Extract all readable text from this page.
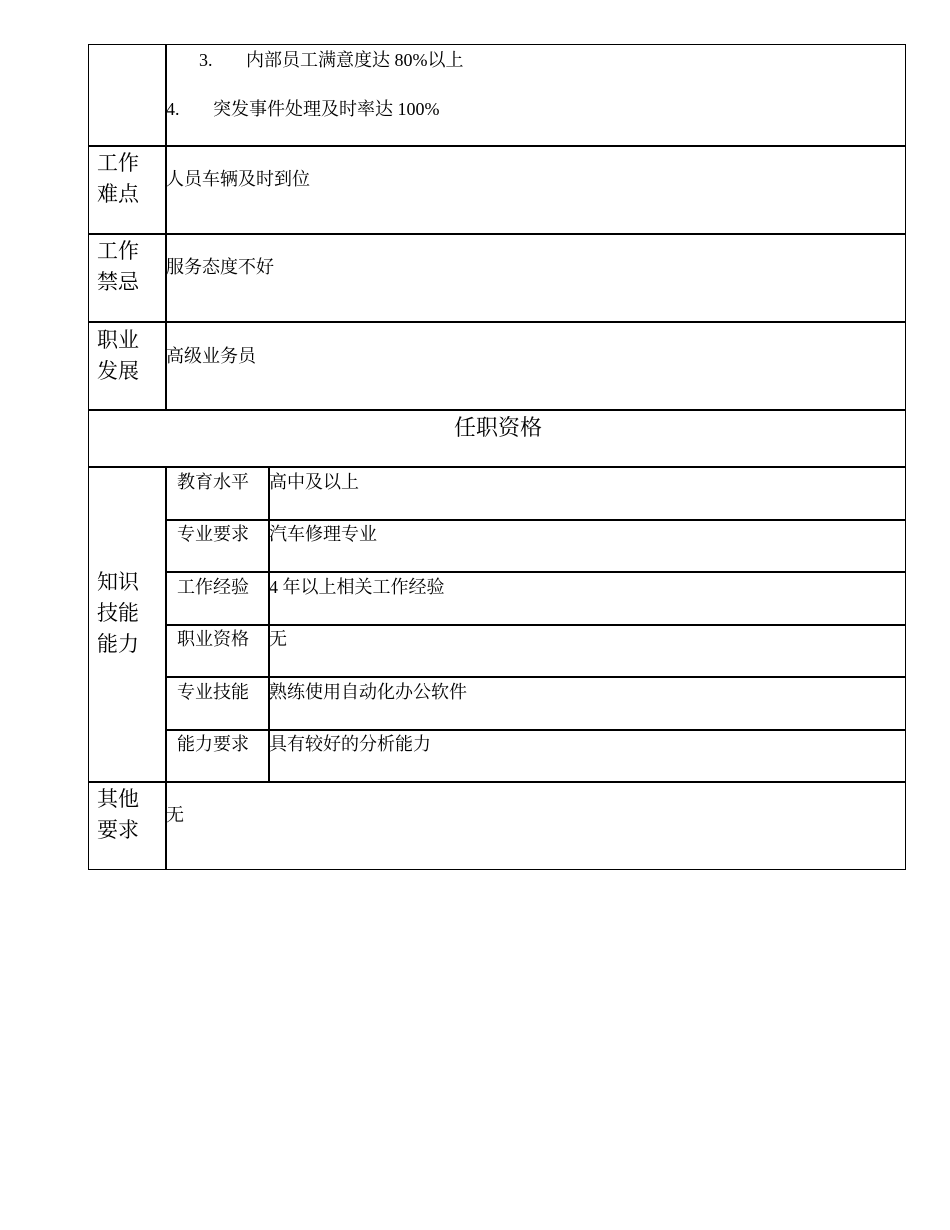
3. 内部员工满意度达 80%以上
4. 突发事件处理及时率达 100%
工作难点
人员车辆及时到位
工作禁忌
服务态度不好
职业发展
高级业务员
任职资格
知识技能能力
教育水平 高中及以上
专业要求 汽车修理专业
工作经验 4 年以上相关工作经验
职业资格 无
专业技能 熟练使用自动化办公软件
能力要求 具有较好的分析能力
其他要求
无
